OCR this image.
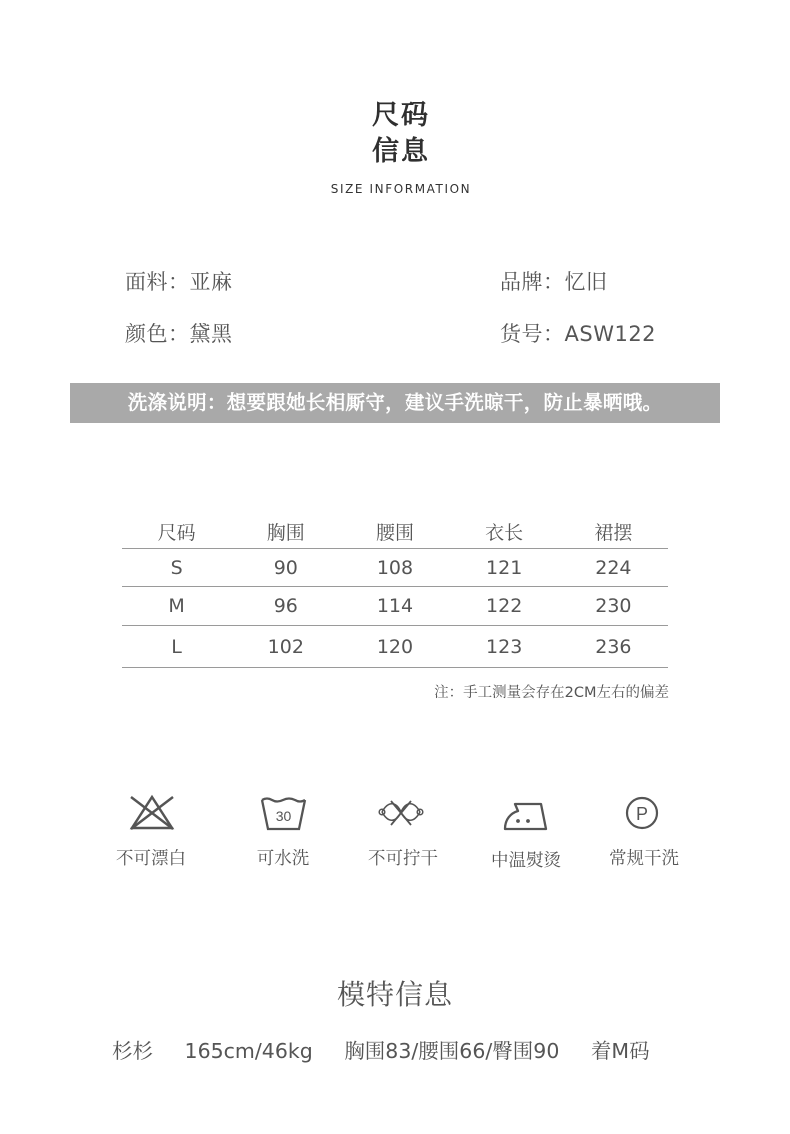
尺码
信息
SIZE INFORMATION
面料：亚麻	品牌：忆旧
颜色：黛黑	货号：ASW122
洗涤说明：想要跟她长相厮守，建议手洗晾干，防止暴晒哦。
尺码	胸围	腰围	衣长	裙摆
S	90	108	121	224
M	96	114	122	230
L	102	120	123	236
注：手工测量会存在2CM左右的偏差
30	P
不可漂白	可水洗	不可拧干	中温熨烫	常规干洗
模特信息
杉杉 165cm/46kg 胸围83/腰围66/臀围90 着M码
